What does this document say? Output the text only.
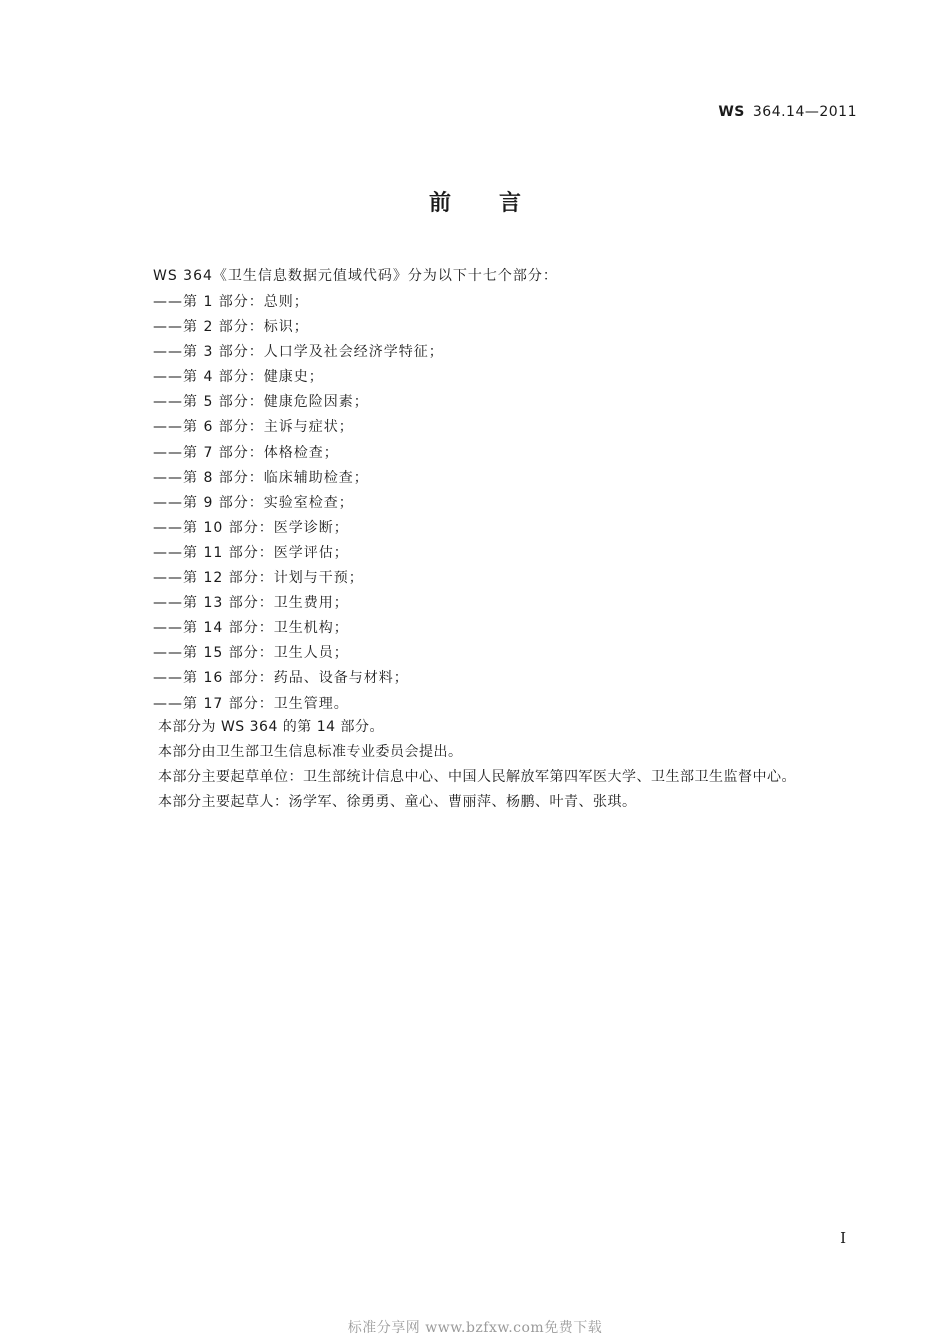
WS 364.14—2011
前言
WS 364《卫生信息数据元值域代码》分为以下十七个部分：
——第 1 部分：总则；
——第 2 部分：标识；
——第 3 部分：人口学及社会经济学特征；
——第 4 部分：健康史；
——第 5 部分：健康危险因素；
——第 6 部分：主诉与症状；
——第 7 部分：体格检查；
——第 8 部分：临床辅助检查；
——第 9 部分：实验室检查；
——第 10 部分：医学诊断；
——第 11 部分：医学评估；
——第 12 部分：计划与干预；
——第 13 部分：卫生费用；
——第 14 部分：卫生机构；
——第 15 部分：卫生人员；
——第 16 部分：药品、设备与材料；
——第 17 部分：卫生管理。

本部分为 WS 364 的第 14 部分。

本部分由卫生部卫生信息标准专业委员会提出。

本部分主要起草单位：卫生部统计信息中心、中国人民解放军第四军医大学、卫生部卫生监督中心。

本部分主要起草人：汤学军、徐勇勇、童心、曹丽萍、杨鹏、叶青、张琪。

I
标准分享网 www.bzfxw.com免费下载
